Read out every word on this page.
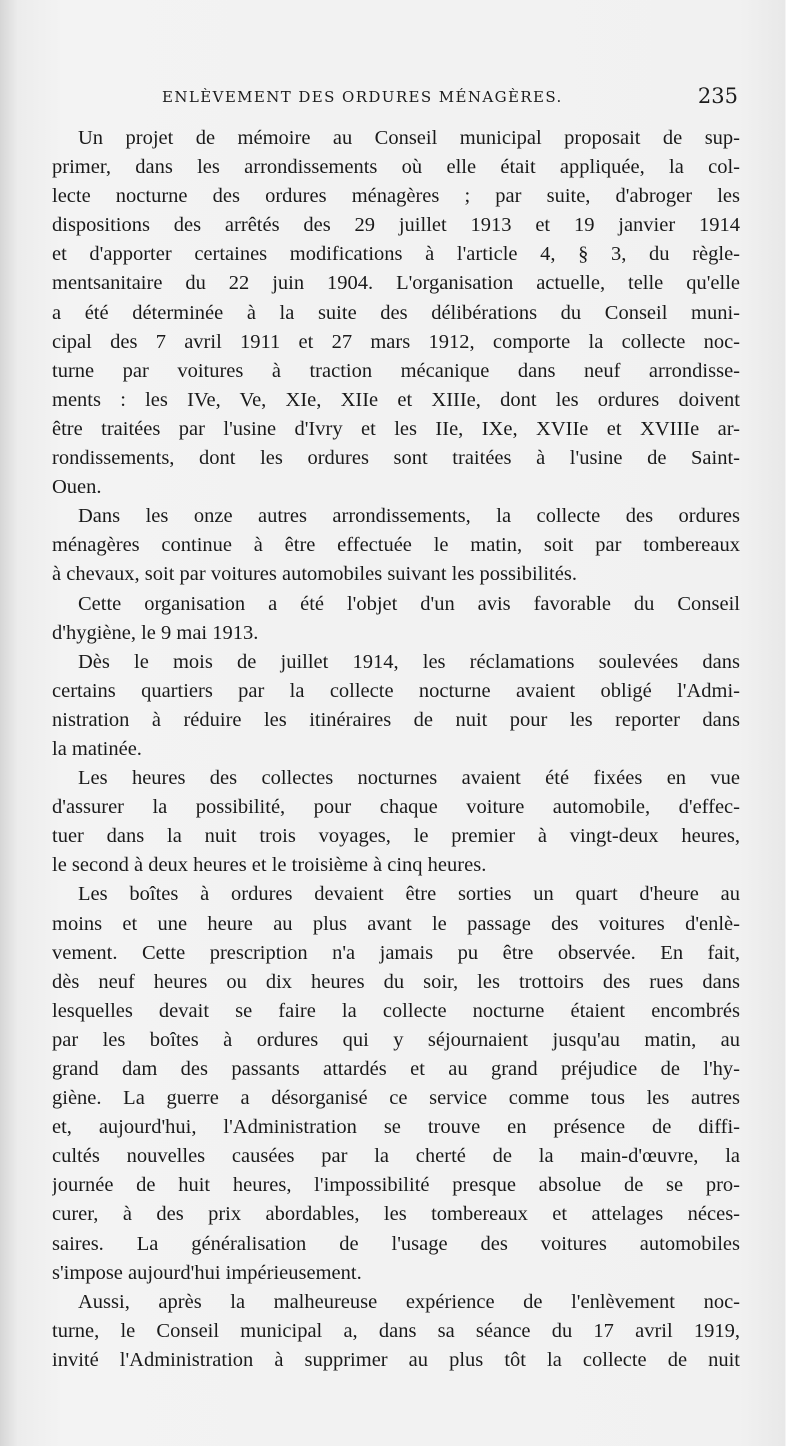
ENLÈVEMENT DES ORDURES MÉNAGÈRES.	235

Un projet de mémoire au Conseil municipal proposait de sup-
primer, dans les arrondissements où elle était appliquée, la col-
lecte nocturne des ordures ménagères ; par suite, d'abroger les
dispositions des arrêtés des 29 juillet 1913 et 19 janvier 1914
et d'apporter certaines modifications à l'article 4, § 3, du règle-
mentsanitaire du 22 juin 1904. L'organisation actuelle, telle qu'elle
a été déterminée à la suite des délibérations du Conseil muni-
cipal des 7 avril 1911 et 27 mars 1912, comporte la collecte noc-
turne par voitures à traction mécanique dans neuf arrondisse-
ments : les IVe, Ve, XIe, XIIe et XIIIe, dont les ordures doivent
être traitées par l'usine d'Ivry et les IIe, IXe, XVIIe et XVIIIe ar-
rondissements, dont les ordures sont traitées à l'usine de Saint-
Ouen.

Dans les onze autres arrondissements, la collecte des ordures
ménagères continue à être effectuée le matin, soit par tombereaux
à chevaux, soit par voitures automobiles suivant les possibilités.

Cette organisation a été l'objet d'un avis favorable du Conseil
d'hygiène, le 9 mai 1913.

Dès le mois de juillet 1914, les réclamations soulevées dans
certains quartiers par la collecte nocturne avaient obligé l'Admi-
nistration à réduire les itinéraires de nuit pour les reporter dans
la matinée.

Les heures des collectes nocturnes avaient été fixées en vue
d'assurer la possibilité, pour chaque voiture automobile, d'effec-
tuer dans la nuit trois voyages, le premier à vingt-deux heures,
le second à deux heures et le troisième à cinq heures.

Les boîtes à ordures devaient être sorties un quart d'heure au
moins et une heure au plus avant le passage des voitures d'enlè-
vement. Cette prescription n'a jamais pu être observée. En fait,
dès neuf heures ou dix heures du soir, les trottoirs des rues dans
lesquelles devait se faire la collecte nocturne étaient encombrés
par les boîtes à ordures qui y séjournaient jusqu'au matin, au
grand dam des passants attardés et au grand préjudice de l'hy-
giène. La guerre a désorganisé ce service comme tous les autres
et, aujourd'hui, l'Administration se trouve en présence de diffi-
cultés nouvelles causées par la cherté de la main-d'œuvre, la
journée de huit heures, l'impossibilité presque absolue de se pro-
curer, à des prix abordables, les tombereaux et attelages néces-
saires. La généralisation de l'usage des voitures automobiles
s'impose aujourd'hui impérieusement.

Aussi, après la malheureuse expérience de l'enlèvement noc-
turne, le Conseil municipal a, dans sa séance du 17 avril 1919,
invité l'Administration à supprimer au plus tôt la collecte de nuit
